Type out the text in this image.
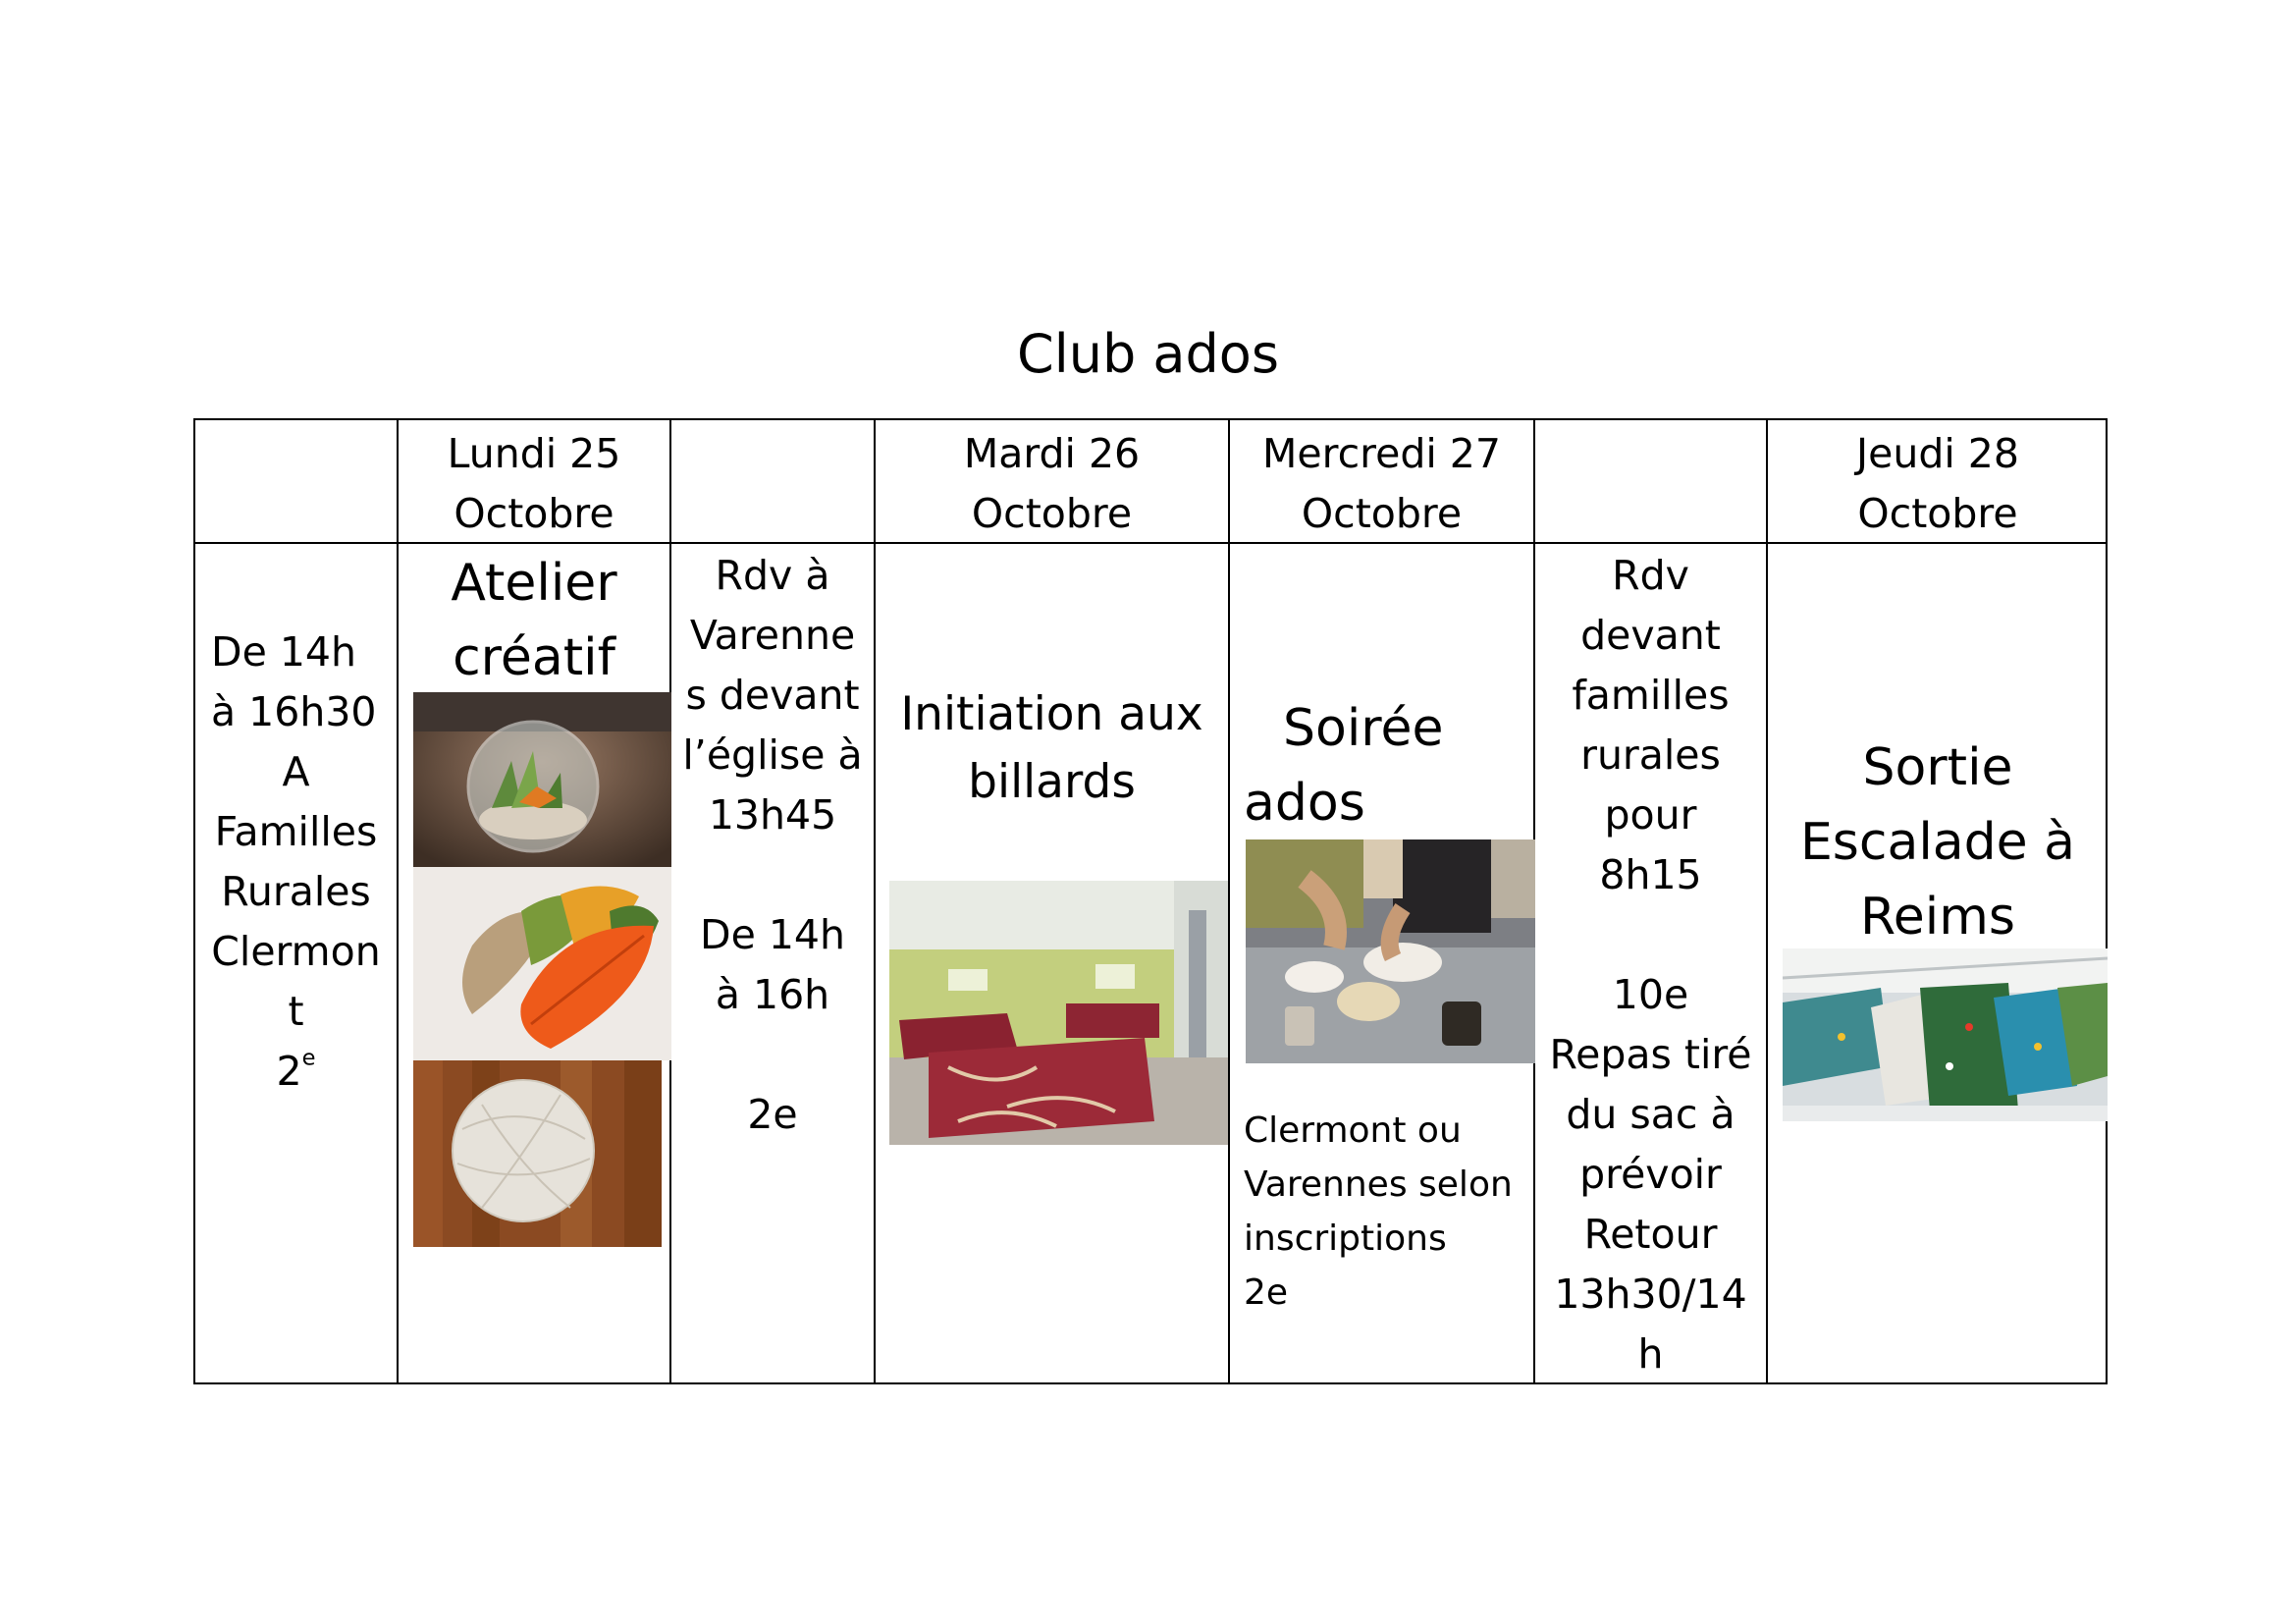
Club ados
Lundi 25
Octobre
Mardi 26
Octobre
Mercredi 27
Octobre
Jeudi 28
Octobre
De 14h
à 16h30
A
Familles
Rurales
Clermon
t
2e
Atelier
créatif
Rdv à
Varenne
s devant
l’église à
13h45
De 14h
à 16h
2e
Initiation aux
billards
Soirée
ados
Clermont ou
Varennes selon
inscriptions
2e
Rdv
devant
familles
rurales
pour
8h15
10e
Repas tiré
du sac à
prévoir
Retour
13h30/14
h
Sortie
Escalade à
Reims
